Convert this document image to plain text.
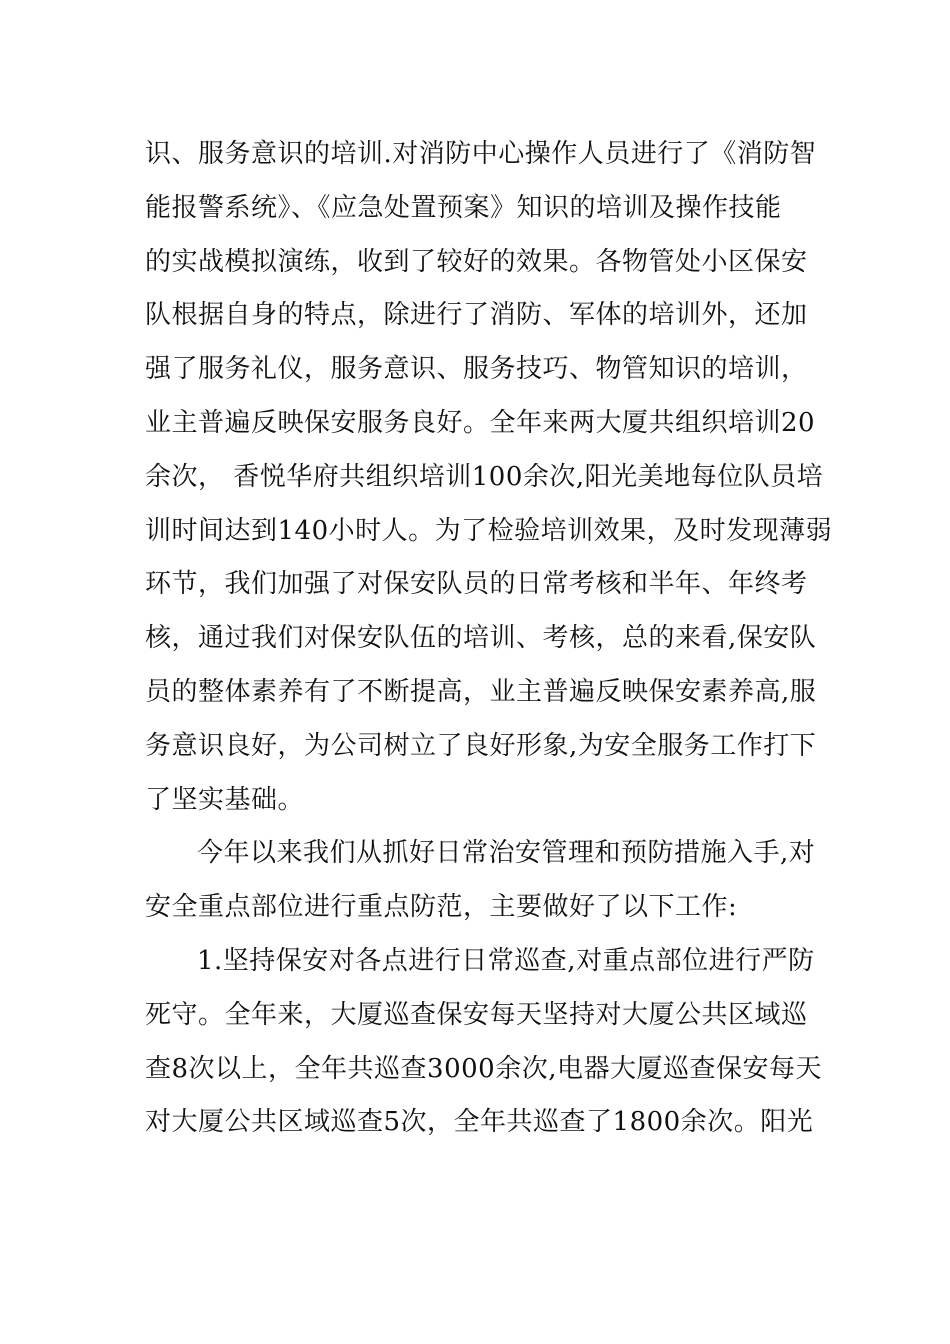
识、服务意识的培训.对消防中心操作人员进行了《消防智
能报警系统》、《应急处置预案》知识的培训及操作技能
的实战模拟演练，收到了较好的效果。各物管处小区保安
队根据自身的特点，除进行了消防、军体的培训外，还加
强了服务礼仪，服务意识、服务技巧、物管知识的培训，
业主普遍反映保安服务良好。全年来两大厦共组织培训20
余次， 香悦华府共组织培训100余次,阳光美地每位队员培
训时间达到140小时人。为了检验培训效果，及时发现薄弱
环节，我们加强了对保安队员的日常考核和半年、年终考
核，通过我们对保安队伍的培训、考核，总的来看,保安队
员的整体素养有了不断提高，业主普遍反映保安素养高,服
务意识良好，为公司树立了良好形象,为安全服务工作打下
了坚实基础。
今年以来我们从抓好日常治安管理和预防措施入手,对
安全重点部位进行重点防范，主要做好了以下工作:
1.坚持保安对各点进行日常巡查,对重点部位进行严防
死守。全年来，大厦巡查保安每天坚持对大厦公共区域巡
查8次以上，全年共巡查3000余次,电器大厦巡查保安每天
对大厦公共区域巡查5次，全年共巡查了1800余次。阳光
